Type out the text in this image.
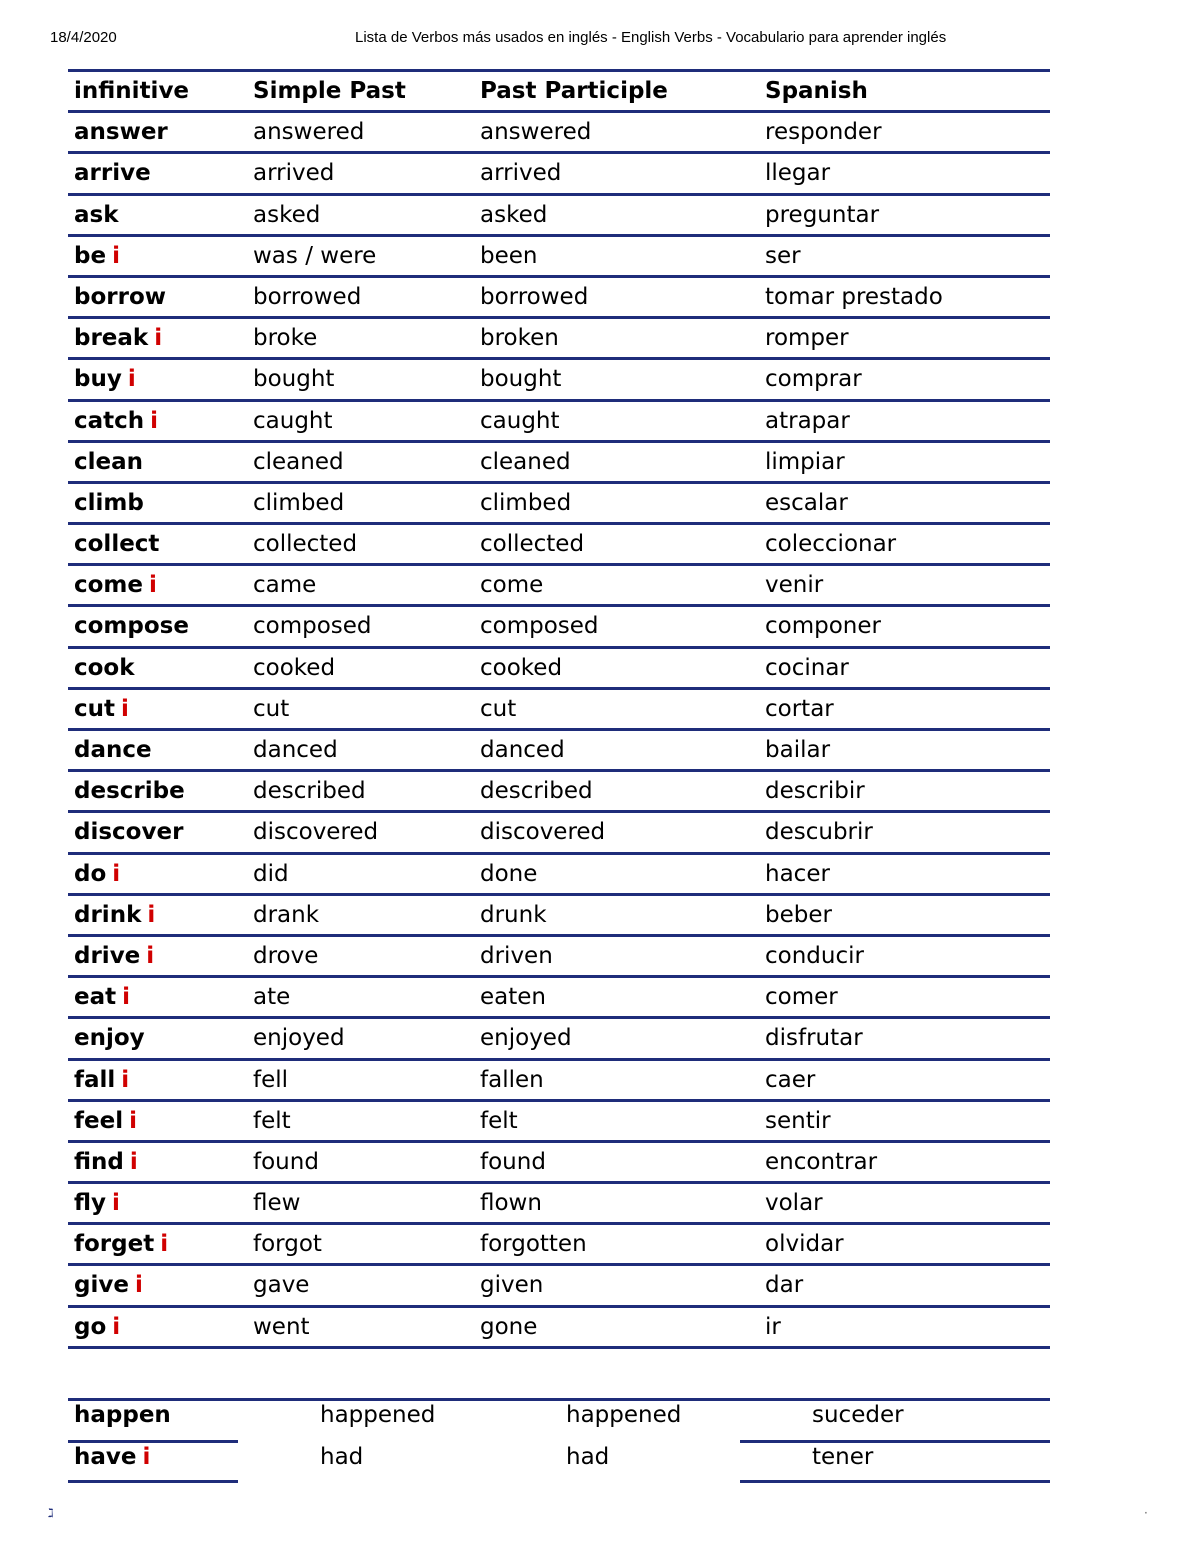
18/4/2020	Lista de Verbos más usados en inglés - English Verbs - Vocabulario para aprender inglés
infinitive	Simple Past	Past Participle	Spanish
answer	answered	answered	responder
arrive	arrived	arrived	llegar
ask	asked	asked	preguntar
be i	was / were	been	ser
borrow	borrowed	borrowed	tomar prestado
break i	broke	broken	romper
buy i	bought	bought	comprar
catch i	caught	caught	atrapar
clean	cleaned	cleaned	limpiar
climb	climbed	climbed	escalar
collect	collected	collected	coleccionar
come i	came	come	venir
compose	composed	composed	componer
cook	cooked	cooked	cocinar
cut i	cut	cut	cortar
dance	danced	danced	bailar
describe	described	described	describir
discover	discovered	discovered	descubrir
do i	did	done	hacer
drink i	drank	drunk	beber
drive i	drove	driven	conducir
eat i	ate	eaten	comer
enjoy	enjoyed	enjoyed	disfrutar
fall i	fell	fallen	caer
feel i	felt	felt	sentir
find i	found	found	encontrar
fly i	flew	flown	volar
forget i	forgot	forgotten	olvidar
give i	gave	given	dar
go i	went	gone	ir
happen	happened	happened	suceder
have i	had	had	tener
ℷ	·
